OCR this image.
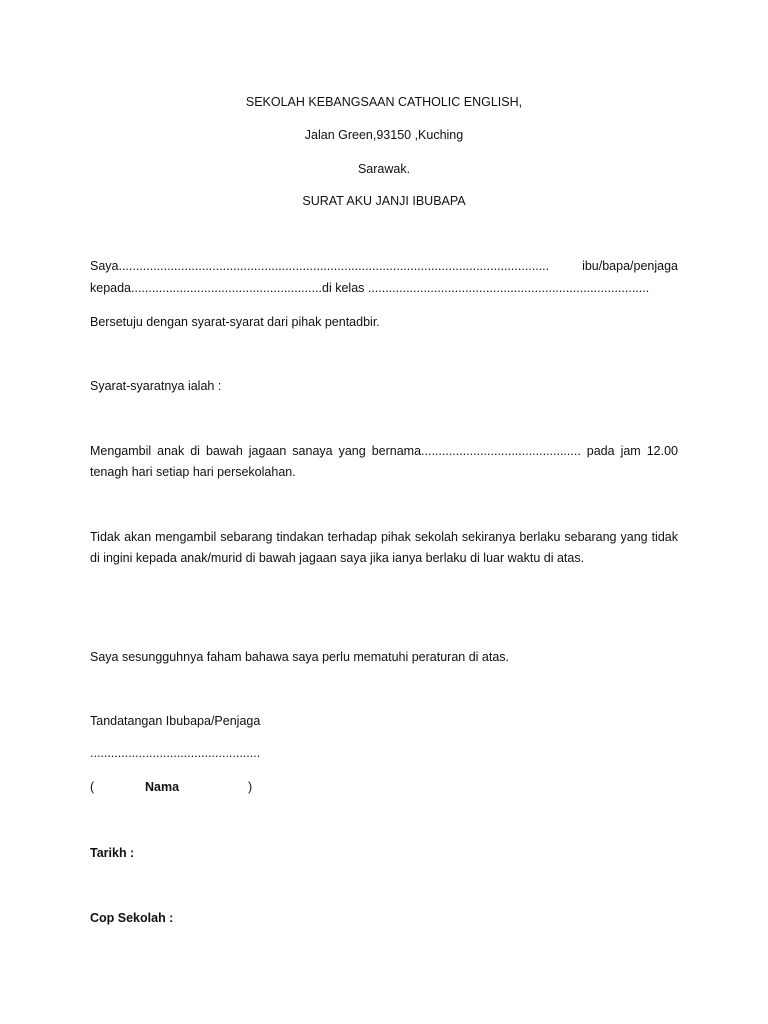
SEKOLAH KEBANGSAAN CATHOLIC ENGLISH,
Jalan Green,93150 ,Kuching
Sarawak.
SURAT AKU JANJI IBUBAPA
Saya............................................................................................................................	ibu/bapa/penjaga
kepada.......................................................di kelas .................................................................................
Bersetuju dengan syarat-syarat dari pihak pentadbir.
Syarat-syaratnya ialah :
Mengambil anak di bawah jagaan sanaya yang bernama.............................................. pada jam 12.00
tenagh hari setiap hari persekolahan.
Tidak akan mengambil sebarang tindakan terhadap pihak sekolah sekiranya berlaku sebarang yang tidak
di ingini kepada anak/murid di bawah jagaan saya jika ianya berlaku di luar waktu di atas.
Saya sesungguhnya faham bahawa saya perlu mematuhi peraturan di atas.
Tandatangan Ibubapa/Penjaga
.................................................
(	Nama	)
Tarikh :
Cop Sekolah :
